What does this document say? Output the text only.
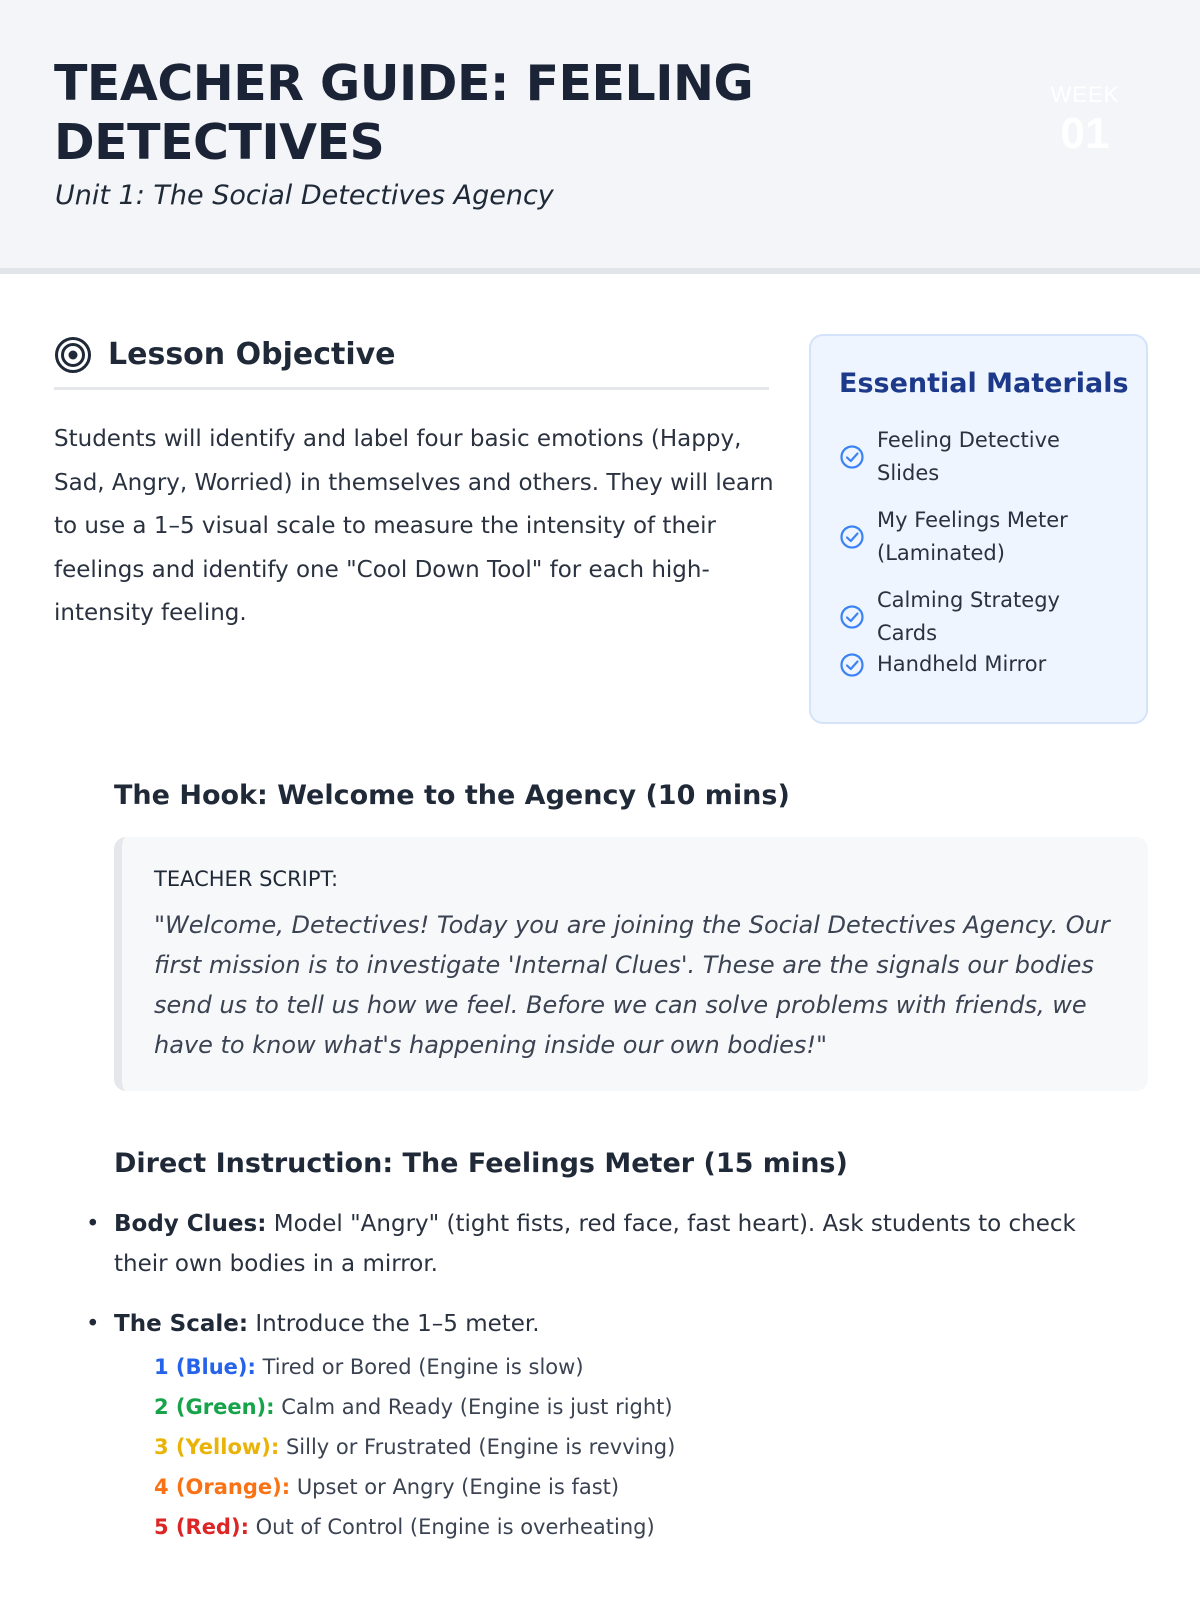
TEACHER GUIDE: FEELING DETECTIVES
Unit 1: The Social Detectives Agency
WEEK
01
Lesson Objective

Students will identify and label four basic emotions (Happy, Sad, Angry, Worried) in themselves and others. They will learn to use a 1–5 visual scale to measure the intensity of their feelings and identify one "Cool Down Tool" for each high-intensity feeling.

Essential Materials
Feeling Detective Slides
My Feelings Meter (Laminated)
Calming Strategy Cards
Handheld Mirror
The Hook: Welcome to the Agency (10 mins)
TEACHER SCRIPT:

"Welcome, Detectives! Today you are joining the Social Detectives Agency. Our first mission is to investigate 'Internal Clues'. These are the signals our bodies send us to tell us how we feel. Before we can solve problems with friends, we have to know what's happening inside our own bodies!"

Direct Instruction: The Feelings Meter (15 mins)
• Body Clues: Model "Angry" (tight fists, red face, fast heart). Ask students to check their own bodies in a mirror.
• The Scale: Introduce the 1–5 meter.
1 (Blue): Tired or Bored (Engine is slow)
2 (Green): Calm and Ready (Engine is just right)
3 (Yellow): Silly or Frustrated (Engine is revving)
4 (Orange): Upset or Angry (Engine is fast)
5 (Red): Out of Control (Engine is overheating)
